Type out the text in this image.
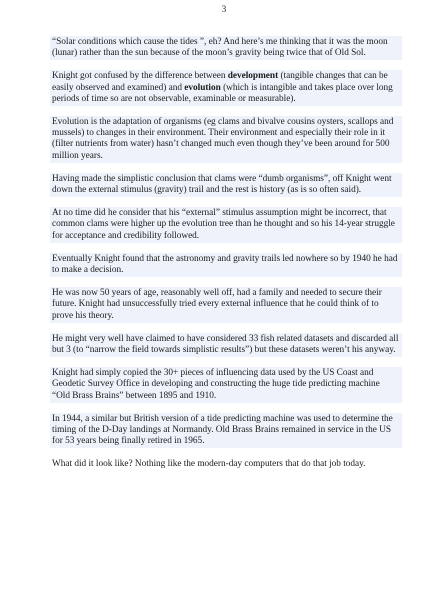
3

“Solar conditions which cause the tides ”, eh? And here’s me thinking that it was the moon (lunar) rather than the sun because of the moon’s gravity being twice that of Old Sol.

Knight got confused by the difference between development (tangible changes that can be easily observed and examined) and evolution (which is intangible and takes place over long periods of time so are not observable, examinable or measurable).

Evolution is the adaptation of organisms (eg clams and bivalve cousins oysters, scallops and mussels) to changes in their environment. Their environment and especially their role in it (filter nutrients from water) hasn’t changed much even though they’ve been around for 500 million years.

Having made the simplistic conclusion that clams were “dumb organisms”, off Knight went down the external stimulus (gravity) trail and the rest is history (as is so often said).

At no time did he consider that his “external” stimulus assumption might be incorrect, that common clams were higher up the evolution tree than he thought and so his 14-year struggle for acceptance and credibility followed.

Eventually Knight found that the astronomy and gravity trails led nowhere so by 1940 he had to make a decision.

He was now 50 years of age, reasonably well off, had a family and needed to secure their future. Knight had unsuccessfully tried every external influence that he could think of to prove his theory.

He might very well have claimed to have considered 33 fish related datasets and discarded all but 3 (to “narrow the field towards simplistic results”) but these datasets weren’t his anyway.

Knight had simply copied the 30+ pieces of influencing data used by the US Coast and Geodetic Survey Office in developing and constructing the huge tide predicting machine “Old Brass Brains” between 1895 and 1910.

In 1944, a similar but British version of a tide predicting machine was used to determine the timing of the D-Day landings at Normandy. Old Brass Brains remained in service in the US for 53 years being finally retired in 1965.

What did it look like? Nothing like the modern-day computers that do that job today.
